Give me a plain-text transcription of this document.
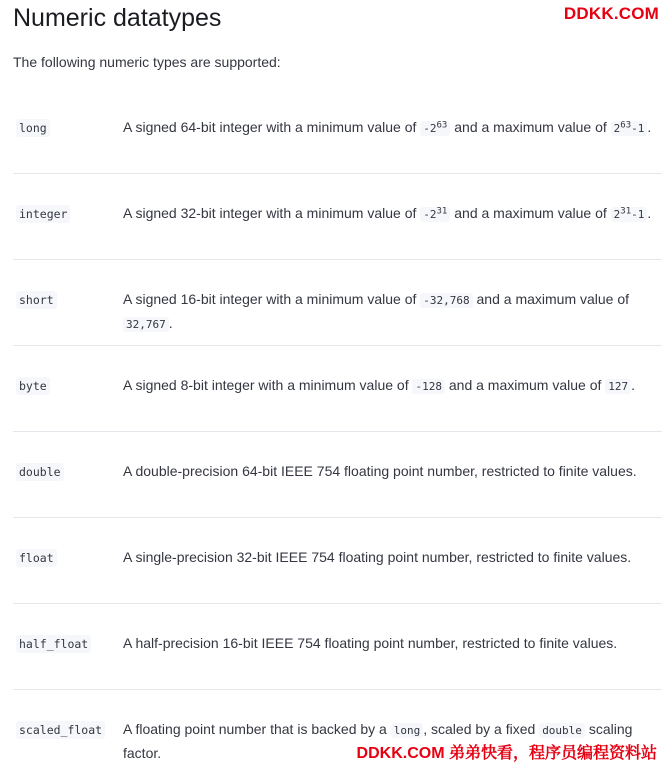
Numeric datatypes	DDKK.COM

The following numeric types are supported:

long	A signed 64-bit integer with a minimum value of $-2^{63}$ and a maximum value of $2^{63}-1$ .
integer	A signed 32-bit integer with a minimum value of $-2^{31}$ and a maximum value of $2^{31}-1$ .
short	A signed 16-bit integer with a minimum value of -32,768 and a maximum value of 32,767 .
byte	A signed 8-bit integer with a minimum value of -128 and a maximum value of 127 .
double	A double-precision 64-bit IEEE 754 floating point number, restricted to finite values.
float	A single-precision 32-bit IEEE 754 floating point number, restricted to finite values.
half_float A half-precision 16-bit IEEE 754 floating point number, restricted to finite values.
scaled_float A floating point number that is backed by a long , scaled by a fixed double scaling factor.	DDKK.COM 弟弟快看，程序员编程资料站
